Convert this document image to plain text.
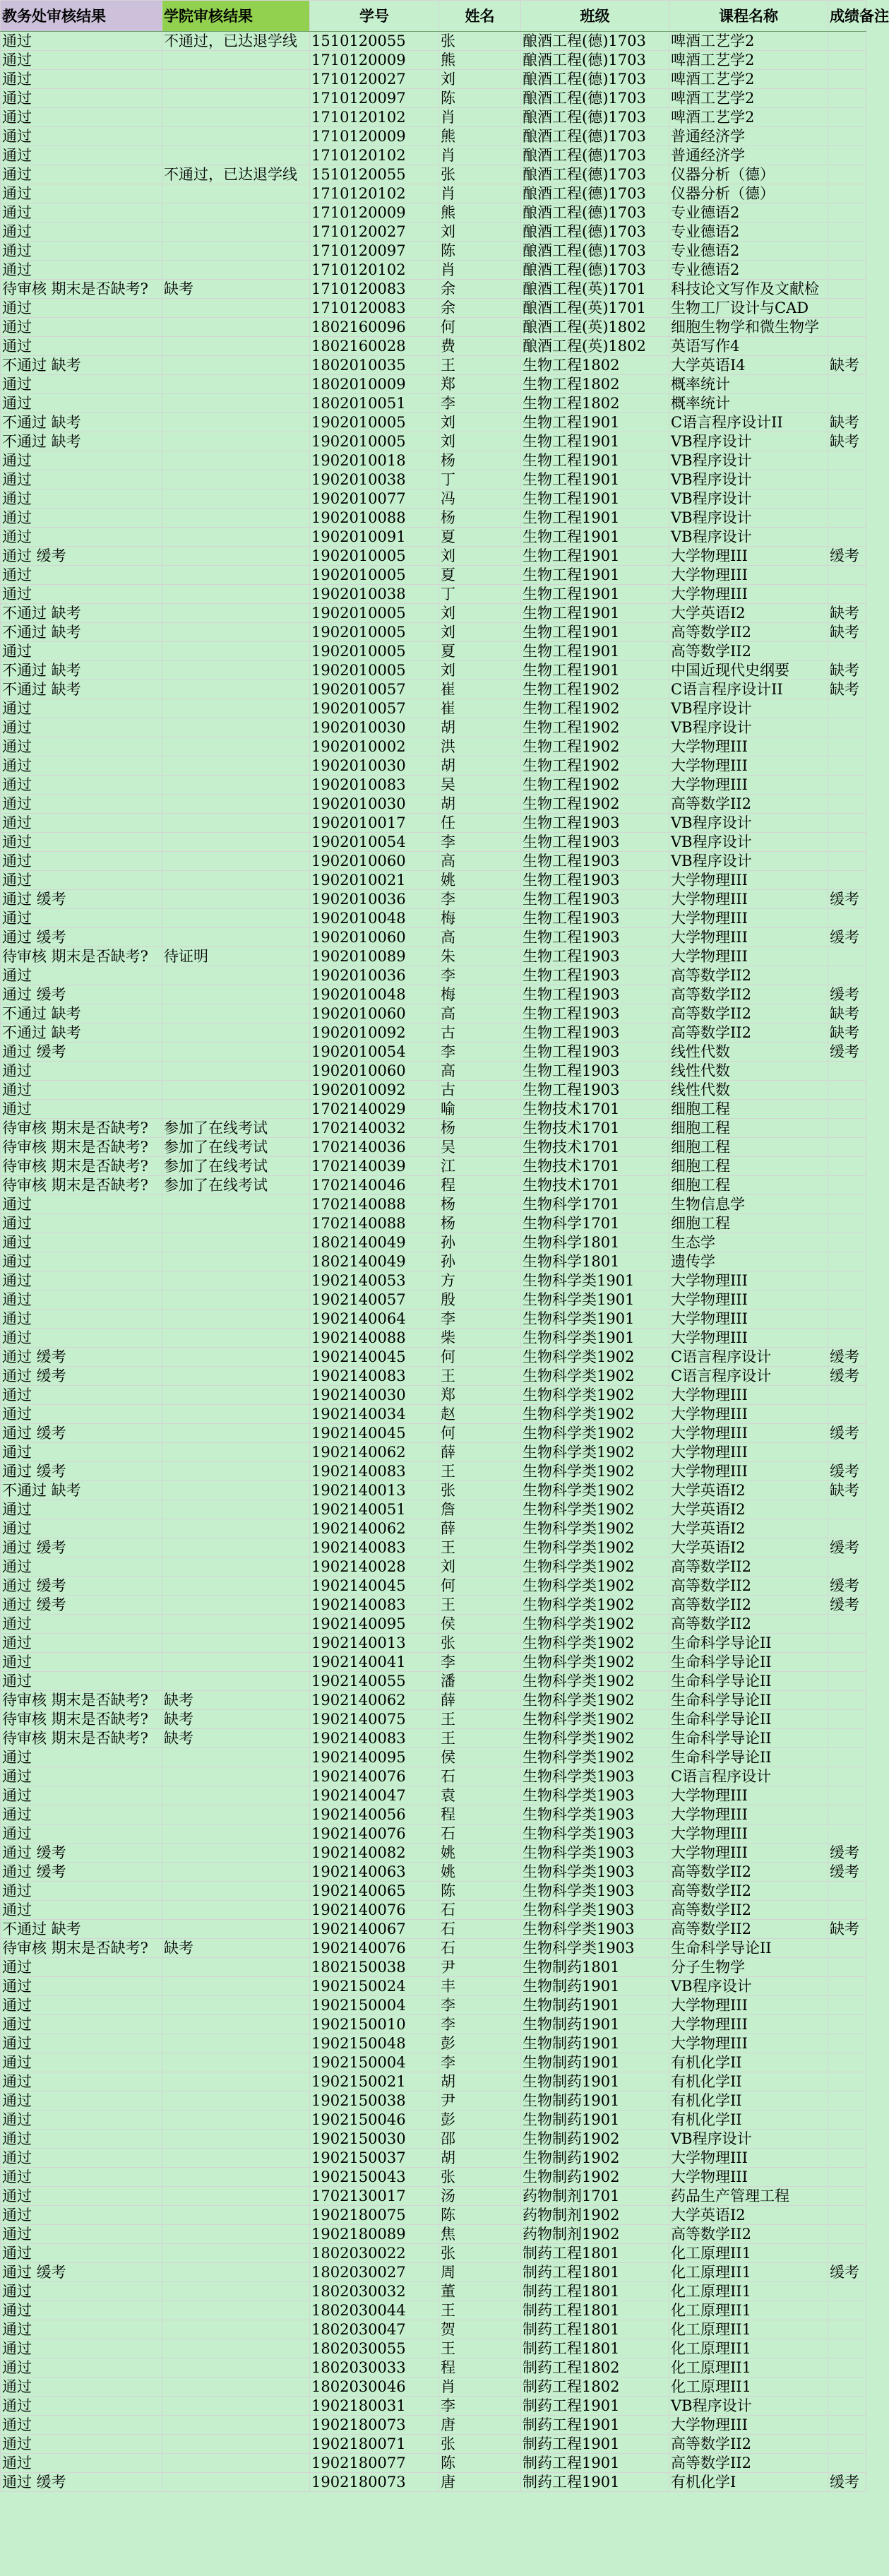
教务处审核结果	学院审核结果	学号	姓名	班级	课程名称	成绩备注
通过	不通过，已达退学线	1510120055	张	酿酒工程(德)1703	啤酒工艺学2	
通过		1710120009	熊	酿酒工程(德)1703	啤酒工艺学2	
通过		1710120027	刘	酿酒工程(德)1703	啤酒工艺学2	
通过		1710120097	陈	酿酒工程(德)1703	啤酒工艺学2	
通过		1710120102	肖	酿酒工程(德)1703	啤酒工艺学2	
通过		1710120009	熊	酿酒工程(德)1703	普通经济学	
通过		1710120102	肖	酿酒工程(德)1703	普通经济学	
通过	不通过，已达退学线	1510120055	张	酿酒工程(德)1703	仪器分析（德）	
通过		1710120102	肖	酿酒工程(德)1703	仪器分析（德）	
通过		1710120009	熊	酿酒工程(德)1703	专业德语2	
通过		1710120027	刘	酿酒工程(德)1703	专业德语2	
通过		1710120097	陈	酿酒工程(德)1703	专业德语2	
通过		1710120102	肖	酿酒工程(德)1703	专业德语2	
待审核 期末是否缺考?	缺考	1710120083	余	酿酒工程(英)1701	科技论文写作及文献检	
通过		1710120083	余	酿酒工程(英)1701	生物工厂设计与CAD	
通过		1802160096	何	酿酒工程(英)1802	细胞生物学和微生物学	
通过		1802160028	费	酿酒工程(英)1802	英语写作4	
不通过 缺考		1802010035	王	生物工程1802	大学英语I4	缺考
通过		1802010009	郑	生物工程1802	概率统计	
通过		1802010051	李	生物工程1802	概率统计	
不通过 缺考		1902010005	刘	生物工程1901	C语言程序设计II	缺考
不通过 缺考		1902010005	刘	生物工程1901	VB程序设计	缺考
通过		1902010018	杨	生物工程1901	VB程序设计	
通过		1902010038	丁	生物工程1901	VB程序设计	
通过		1902010077	冯	生物工程1901	VB程序设计	
通过		1902010088	杨	生物工程1901	VB程序设计	
通过		1902010091	夏	生物工程1901	VB程序设计	
通过 缓考		1902010005	刘	生物工程1901	大学物理III	缓考
通过		1902010005	夏	生物工程1901	大学物理III	
通过		1902010038	丁	生物工程1901	大学物理III	
不通过 缺考		1902010005	刘	生物工程1901	大学英语I2	缺考
不通过 缺考		1902010005	刘	生物工程1901	高等数学II2	缺考
通过		1902010005	夏	生物工程1901	高等数学II2	
不通过 缺考		1902010005	刘	生物工程1901	中国近现代史纲要	缺考
不通过 缺考		1902010057	崔	生物工程1902	C语言程序设计II	缺考
通过		1902010057	崔	生物工程1902	VB程序设计	
通过		1902010030	胡	生物工程1902	VB程序设计	
通过		1902010002	洪	生物工程1902	大学物理III	
通过		1902010030	胡	生物工程1902	大学物理III	
通过		1902010083	吴	生物工程1902	大学物理III	
通过		1902010030	胡	生物工程1902	高等数学II2	
通过		1902010017	任	生物工程1903	VB程序设计	
通过		1902010054	李	生物工程1903	VB程序设计	
通过		1902010060	高	生物工程1903	VB程序设计	
通过		1902010021	姚	生物工程1903	大学物理III	
通过 缓考		1902010036	李	生物工程1903	大学物理III	缓考
通过		1902010048	梅	生物工程1903	大学物理III	
通过 缓考		1902010060	高	生物工程1903	大学物理III	缓考
待审核 期末是否缺考?	待证明	1902010089	朱	生物工程1903	大学物理III	
通过		1902010036	李	生物工程1903	高等数学II2	
通过 缓考		1902010048	梅	生物工程1903	高等数学II2	缓考
不通过 缺考		1902010060	高	生物工程1903	高等数学II2	缺考
不通过 缺考		1902010092	古	生物工程1903	高等数学II2	缺考
通过 缓考		1902010054	李	生物工程1903	线性代数	缓考
通过		1902010060	高	生物工程1903	线性代数	
通过		1902010092	古	生物工程1903	线性代数	
通过		1702140029	喻	生物技术1701	细胞工程	
待审核 期末是否缺考?	参加了在线考试	1702140032	杨	生物技术1701	细胞工程	
待审核 期末是否缺考?	参加了在线考试	1702140036	吴	生物技术1701	细胞工程	
待审核 期末是否缺考?	参加了在线考试	1702140039	江	生物技术1701	细胞工程	
待审核 期末是否缺考?	参加了在线考试	1702140046	程	生物技术1701	细胞工程	
通过		1702140088	杨	生物科学1701	生物信息学	
通过		1702140088	杨	生物科学1701	细胞工程	
通过		1802140049	孙	生物科学1801	生态学	
通过		1802140049	孙	生物科学1801	遗传学	
通过		1902140053	方	生物科学类1901	大学物理III	
通过		1902140057	殷	生物科学类1901	大学物理III	
通过		1902140064	李	生物科学类1901	大学物理III	
通过		1902140088	柴	生物科学类1901	大学物理III	
通过 缓考		1902140045	何	生物科学类1902	C语言程序设计	缓考
通过 缓考		1902140083	王	生物科学类1902	C语言程序设计	缓考
通过		1902140030	郑	生物科学类1902	大学物理III	
通过		1902140034	赵	生物科学类1902	大学物理III	
通过 缓考		1902140045	何	生物科学类1902	大学物理III	缓考
通过		1902140062	薛	生物科学类1902	大学物理III	
通过 缓考		1902140083	王	生物科学类1902	大学物理III	缓考
不通过 缺考		1902140013	张	生物科学类1902	大学英语I2	缺考
通过		1902140051	詹	生物科学类1902	大学英语I2	
通过		1902140062	薛	生物科学类1902	大学英语I2	
通过 缓考		1902140083	王	生物科学类1902	大学英语I2	缓考
通过		1902140028	刘	生物科学类1902	高等数学II2	
通过 缓考		1902140045	何	生物科学类1902	高等数学II2	缓考
通过 缓考		1902140083	王	生物科学类1902	高等数学II2	缓考
通过		1902140095	侯	生物科学类1902	高等数学II2	
通过		1902140013	张	生物科学类1902	生命科学导论II	
通过		1902140041	李	生物科学类1902	生命科学导论II	
通过		1902140055	潘	生物科学类1902	生命科学导论II	
待审核 期末是否缺考?	缺考	1902140062	薛	生物科学类1902	生命科学导论II	
待审核 期末是否缺考?	缺考	1902140075	王	生物科学类1902	生命科学导论II	
待审核 期末是否缺考?	缺考	1902140083	王	生物科学类1902	生命科学导论II	
通过		1902140095	侯	生物科学类1902	生命科学导论II	
通过		1902140076	石	生物科学类1903	C语言程序设计	
通过		1902140047	袁	生物科学类1903	大学物理III	
通过		1902140056	程	生物科学类1903	大学物理III	
通过		1902140076	石	生物科学类1903	大学物理III	
通过 缓考		1902140082	姚	生物科学类1903	大学物理III	缓考
通过 缓考		1902140063	姚	生物科学类1903	高等数学II2	缓考
通过		1902140065	陈	生物科学类1903	高等数学II2	
通过		1902140076	石	生物科学类1903	高等数学II2	
不通过 缺考		1902140067	石	生物科学类1903	高等数学II2	缺考
待审核 期末是否缺考?	缺考	1902140076	石	生物科学类1903	生命科学导论II	
通过		1802150038	尹	生物制药1801	分子生物学	
通过		1902150024	丰	生物制药1901	VB程序设计	
通过		1902150004	李	生物制药1901	大学物理III	
通过		1902150010	李	生物制药1901	大学物理III	
通过		1902150048	彭	生物制药1901	大学物理III	
通过		1902150004	李	生物制药1901	有机化学II	
通过		1902150021	胡	生物制药1901	有机化学II	
通过		1902150038	尹	生物制药1901	有机化学II	
通过		1902150046	彭	生物制药1901	有机化学II	
通过		1902150030	邵	生物制药1902	VB程序设计	
通过		1902150037	胡	生物制药1902	大学物理III	
通过		1902150043	张	生物制药1902	大学物理III	
通过		1702130017	汤	药物制剂1701	药品生产管理工程	
通过		1902180075	陈	药物制剂1902	大学英语I2	
通过		1902180089	焦	药物制剂1902	高等数学II2	
通过		1802030022	张	制药工程1801	化工原理II1	
通过 缓考		1802030027	周	制药工程1801	化工原理II1	缓考
通过		1802030032	董	制药工程1801	化工原理II1	
通过		1802030044	王	制药工程1801	化工原理II1	
通过		1802030047	贺	制药工程1801	化工原理II1	
通过		1802030055	王	制药工程1801	化工原理II1	
通过		1802030033	程	制药工程1802	化工原理II1	
通过		1802030046	肖	制药工程1802	化工原理II1	
通过		1902180031	李	制药工程1901	VB程序设计	
通过		1902180073	唐	制药工程1901	大学物理III	
通过		1902180071	张	制药工程1901	高等数学II2	
通过		1902180077	陈	制药工程1901	高等数学II2	
通过 缓考		1902180073	唐	制药工程1901	有机化学I	缓考
